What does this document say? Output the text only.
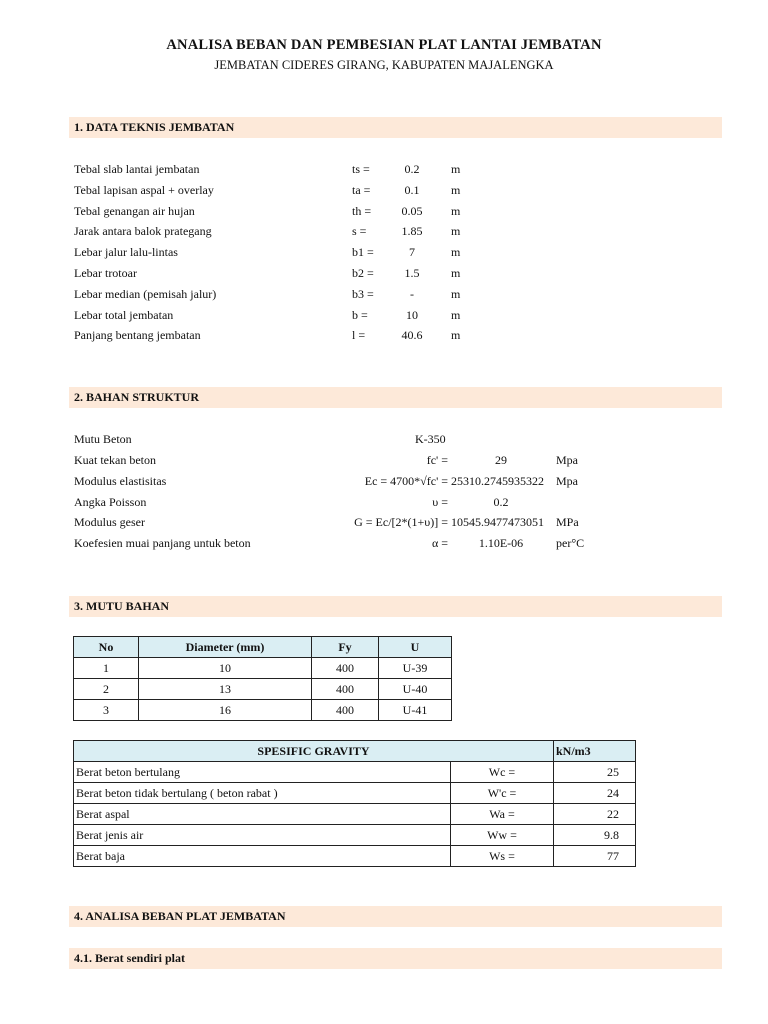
ANALISA BEBAN DAN PEMBESIAN PLAT LANTAI JEMBATAN
JEMBATAN CIDERES GIRANG, KABUPATEN MAJALENGKA
1. DATA TEKNIS JEMBATAN
Tebal slab lantai jembatan	ts =	0.2	m
Tebal lapisan aspal + overlay	ta =	0.1	m
Tebal genangan air hujan	th =	0.05	m
Jarak antara balok prategang	s =	1.85	m
Lebar jalur lalu-lintas	b1 =	7	m
Lebar trotoar	b2 =	1.5	m
Lebar median (pemisah jalur)	b3 =	-	m
Lebar total jembatan	b =	10	m
Panjang bentang jembatan	l =	40.6	m
2. BAHAN STRUKTUR
Mutu Beton	K-350
Kuat tekan beton	fc' =	29	Mpa
Modulus elastisitas	Ec = 4700*√fc' = 25310.2745935322 Mpa
Angka Poisson	υ =	0.2
Modulus geser	G = Ec/[2*(1+υ)] = 10545.9477473051 MPa
Koefesien muai panjang untuk beton	α =	1.10E-06	per°C
3. MUTU BAHAN
No	Diameter (mm)	Fy	U
1	10	400	U-39
2	13	400	U-40
3	16	400	U-41
SPESIFIC GRAVITY		kN/m3
Berat beton bertulang	Wc =	25
Berat beton tidak bertulang ( beton rabat )	W'c =	24
Berat aspal	Wa =	22
Berat jenis air	Ww =	9.8
Berat baja	Ws =	77
4. ANALISA BEBAN PLAT JEMBATAN
4.1. Berat sendiri plat
